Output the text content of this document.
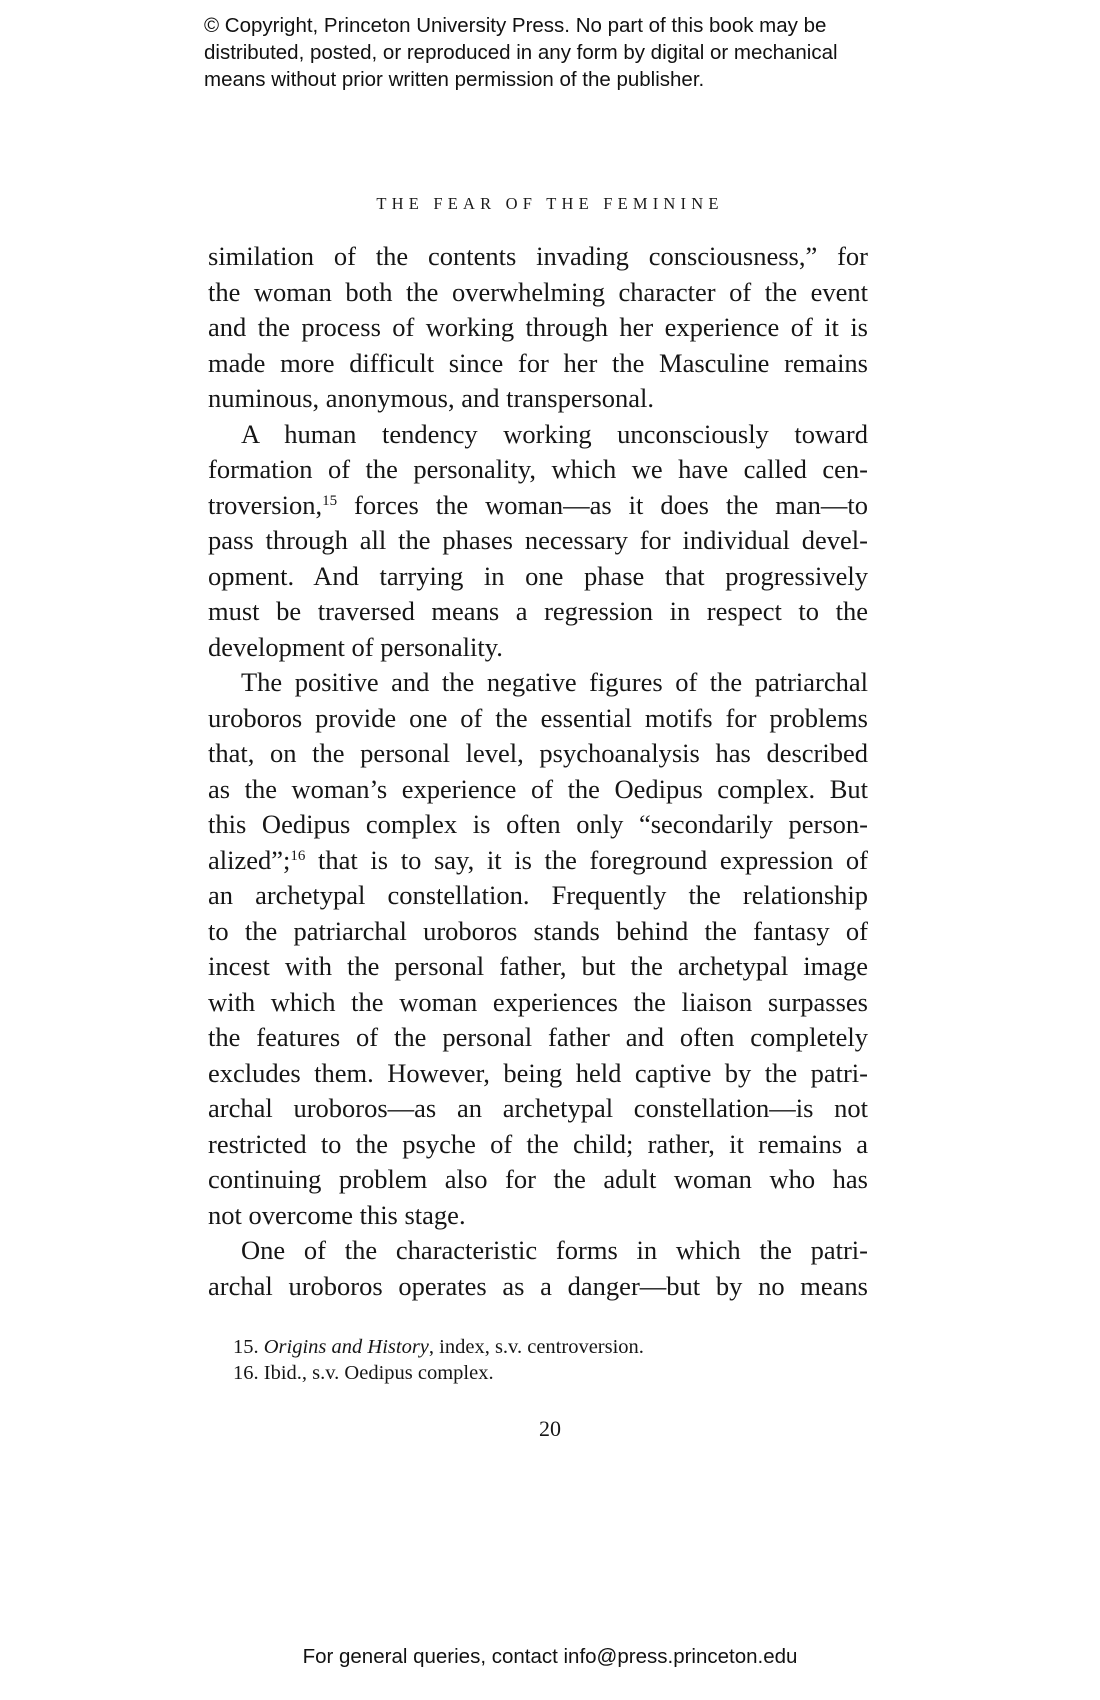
© Copyright, Princeton University Press. No part of this book may be
distributed, posted, or reproduced in any form by digital or mechanical
means without prior written permission of the publisher.
THE FEAR OF THE FEMININE
similation of the contents invading consciousness,” for
the woman both the overwhelming character of the event
and the process of working through her experience of it is
made more difficult since for her the Masculine remains
numinous, anonymous, and transpersonal.
A human tendency working unconsciously toward
formation of the personality, which we have called cen-
troversion,$^{15}$ forces the woman—as it does the man—to
pass through all the phases necessary for individual devel-
opment. And tarrying in one phase that progressively
must be traversed means a regression in respect to the
development of personality.
The positive and the negative figures of the patriarchal
uroboros provide one of the essential motifs for problems
that, on the personal level, psychoanalysis has described
as the woman’s experience of the Oedipus complex. But
this Oedipus complex is often only “secondarily person-
alized”;$^{16}$ that is to say, it is the foreground expression of
an archetypal constellation. Frequently the relationship
to the patriarchal uroboros stands behind the fantasy of
incest with the personal father, but the archetypal image
with which the woman experiences the liaison surpasses
the features of the personal father and often completely
excludes them. However, being held captive by the patri-
archal uroboros—as an archetypal constellation—is not
restricted to the psyche of the child; rather, it remains a
continuing problem also for the adult woman who has
not overcome this stage.
One of the characteristic forms in which the patri-
archal uroboros operates as a danger—but by no means
15. Origins and History, index, s.v. centroversion.
16. Ibid., s.v. Oedipus complex.
20
For general queries, contact info@press.princeton.edu
